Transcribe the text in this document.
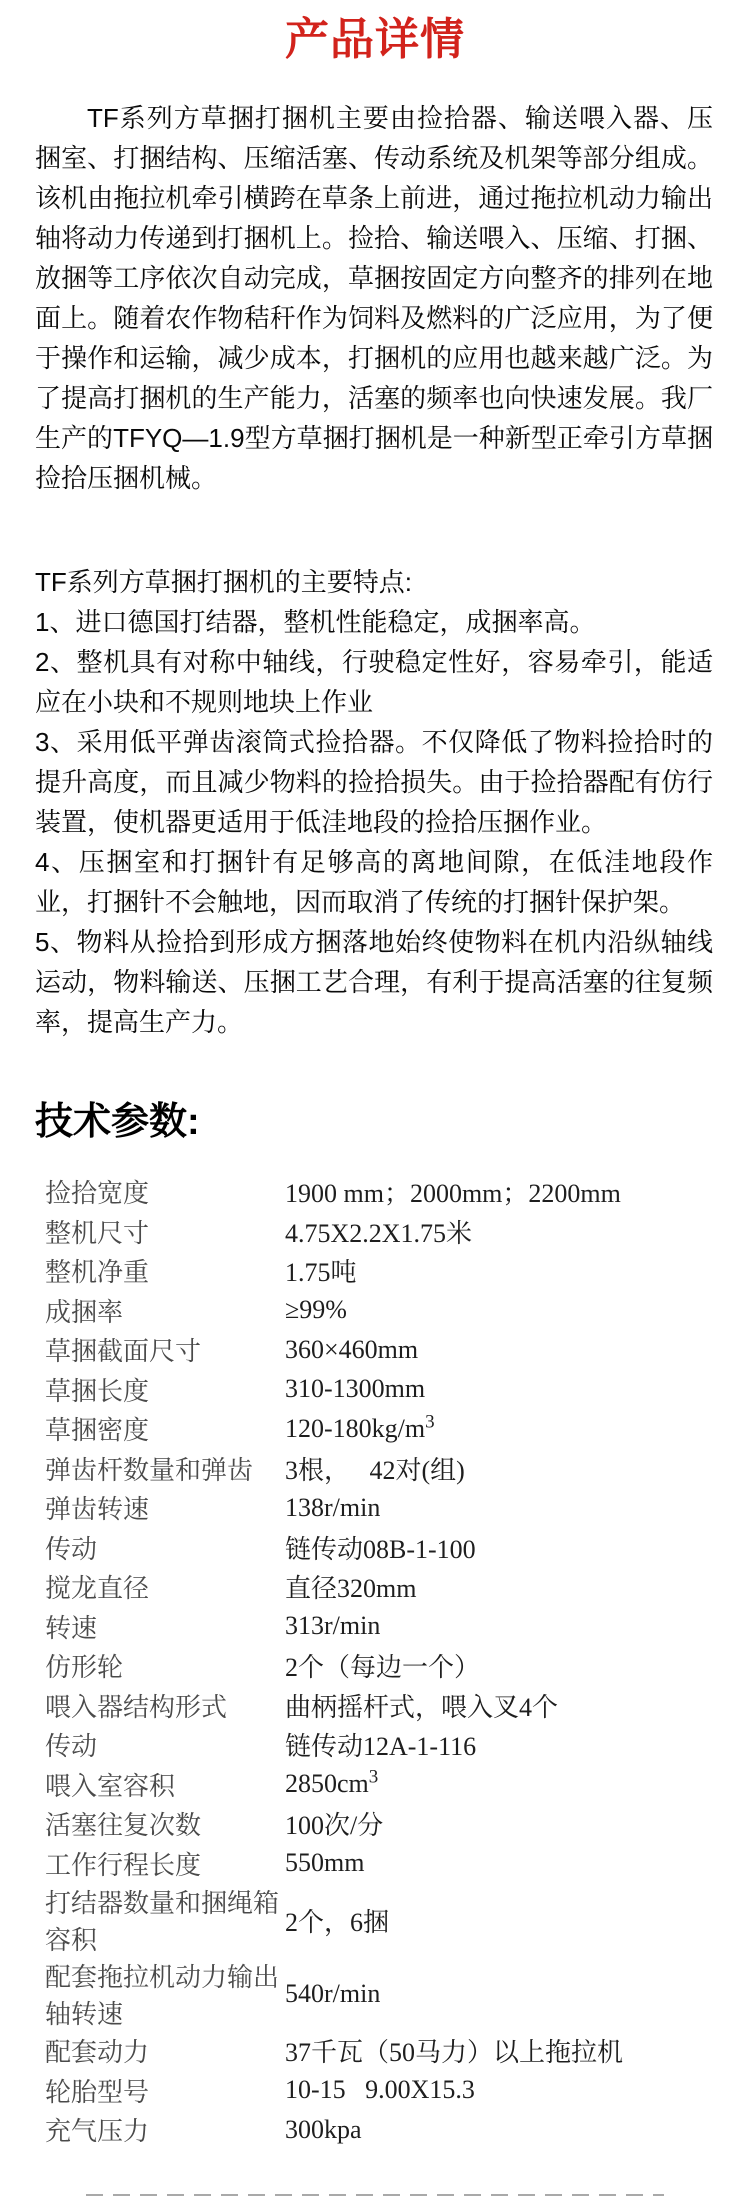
产品详情

TF系列方草捆打捆机主要由捡拾器、输送喂入器、压捆室、打捆结构、压缩活塞、传动系统及机架等部分组成。该机由拖拉机牵引横跨在草条上前进，通过拖拉机动力输出轴将动力传递到打捆机上。捡拾、输送喂入、压缩、打捆、放捆等工序依次自动完成，草捆按固定方向整齐的排列在地面上。随着农作物秸秆作为饲料及燃料的广泛应用，为了便于操作和运输，减少成本，打捆机的应用也越来越广泛。为了提高打捆机的生产能力，活塞的频率也向快速发展。我厂生产的TFYQ—1.9型方草捆打捆机是一种新型正牵引方草捆捡拾压捆机械。

TF系列方草捆打捆机的主要特点:

1、进口德国打结器，整机性能稳定，成捆率高。

2、整机具有对称中轴线，行驶稳定性好，容易牵引，能适应在小块和不规则地块上作业

3、采用低平弹齿滚筒式捡拾器。不仅降低了物料捡拾时的提升高度，而且减少物料的捡拾损失。由于捡拾器配有仿行装置，使机器更适用于低洼地段的捡拾压捆作业。

4、压捆室和打捆针有足够高的离地间隙，在低洼地段作业，打捆针不会触地，因而取消了传统的打捆针保护架。

5、物料从捡拾到形成方捆落地始终使物料在机内沿纵轴线运动，物料输送、压捆工艺合理，有利于提高活塞的往复频率，提高生产力。

技术参数:
捡拾宽度	1900 mm；2000mm；2200mm
整机尺寸	4.75X2.2X1.75米
整机净重	1.75吨
成捆率	≥99%
草捆截面尺寸	360×460mm
草捆长度	310-1300mm
草捆密度	$120-180kg/m^3$
弹齿杆数量和弹齿	3根，   42对(组)
弹齿转速	138r/min
传动	链传动08B-1-100
搅龙直径	直径320mm
转速	313r/min
仿形轮	2个（每边一个）
喂入器结构形式	曲柄摇杆式，喂入叉4个
传动	链传动12A-1-116
喂入室容积	$2850cm^3$
活塞往复次数	100次/分
工作行程长度	550mm
打结器数量和捆绳箱容积	2个，6捆
配套拖拉机动力输出轴转速	540r/min
配套动力	37千瓦（50马力）以上拖拉机
轮胎型号	10-15   9.00X15.3
充气压力	300kpa
